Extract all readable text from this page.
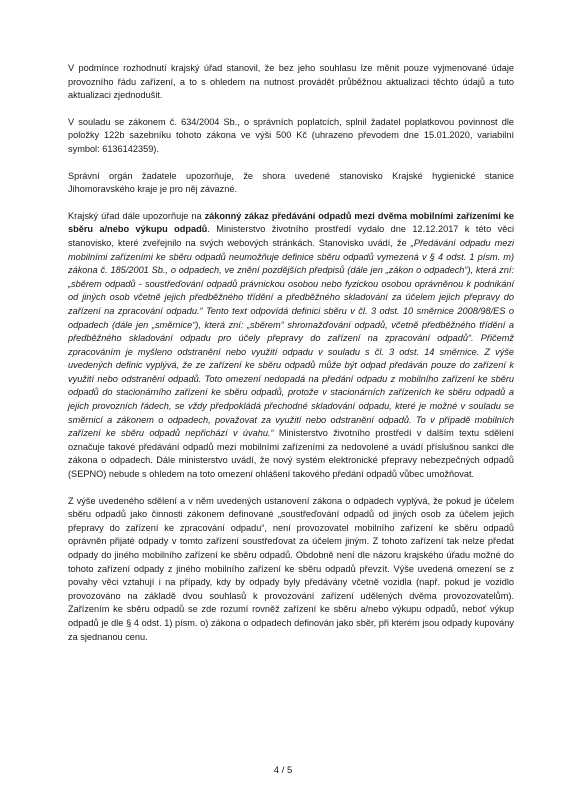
V podmínce rozhodnutí krajský úřad stanovil, že bez jeho souhlasu lze měnit pouze vyjmenované údaje provozního řádu zařízení, a to s ohledem na nutnost provádět průběžnou aktualizaci těchto údajů a tuto aktualizaci zjednodušit.

V souladu se zákonem č. 634/2004 Sb., o správních poplatcích, splnil žadatel poplatkovou povinnost dle položky 122b sazebníku tohoto zákona ve výši 500 Kč (uhrazeno převodem dne 15.01.2020, variabilní symbol: 6136142359).

Správní orgán žadatele upozorňuje, že shora uvedené stanovisko Krajské hygienické stanice Jihomoravského kraje je pro něj závazné.

Krajský úřad dále upozorňuje na zákonný zákaz předávání odpadů mezi dvěma mobilními zařízeními ke sběru a/nebo výkupu odpadů. Ministerstvo životního prostředí vydalo dne 12.12.2017 k této věci stanovisko, které zveřejnilo na svých webových stránkách. Stanovisko uvádí, že „Předávání odpadu mezi mobilními zařízeními ke sběru odpadů neumožňuje definice sběru odpadů vymezená v § 4 odst. 1 písm. m) zákona č. 185/2001 Sb., o odpadech, ve znění pozdějších předpisů (dále jen „zákon o odpadech“), která zní: „sběrem odpadů - soustřeďování odpadů právnickou osobou nebo fyzickou osobou oprávněnou k podnikání od jiných osob včetně jejich předběžného třídění a předběžného skladování za účelem jejich přepravy do zařízení na zpracování odpadu.“ Tento text odpovídá definici sběru v čl. 3 odst. 10 směrnice 2008/98/ES o odpadech (dále jen „směrnice“), která zní: „sběrem“ shromažďování odpadů, včetně předběžného třídění a předběžného skladování odpadu pro účely přepravy do zařízení na zpracování odpadů“. Přičemž zpracováním je myšleno odstranění nebo využití odpadu v souladu s čl. 3 odst. 14 směrnice. Z výše uvedených definic vyplývá, že ze zařízení ke sběru odpadů může být odpad předáván pouze do zařízení k využití nebo odstranění odpadů. Toto omezení nedopadá na předání odpadu z mobilního zařízení ke sběru odpadů do stacionárního zařízení ke sběru odpadů, protože v stacionárních zařízeních ke sběru odpadů a jejich provozních řádech, se vždy předpokládá přechodné skladování odpadu, které je možné v souladu se směrnicí a zákonem o odpadech, považovat za využití nebo odstranění odpadů. To v případě mobilních zařízení ke sběru odpadů nepřichází v úvahu.“ Ministerstvo životního prostředí v dalším textu sdělení označuje takové předávání odpadů mezi mobilními zařízeními za nedovolené a uvádí příslušnou sankci dle zákona o odpadech. Dále ministerstvo uvádí, že nový systém elektronické přepravy nebezpečných odpadů (SEPNO) nebude s ohledem na toto omezení ohlášení takového předání odpadů vůbec umožňovat.

Z výše uvedeného sdělení a v něm uvedených ustanovení zákona o odpadech vyplývá, že pokud je účelem sběru odpadů jako činnosti zákonem definované „soustřeďování odpadů od jiných osob za účelem jejich přepravy do zařízení ke zpracování odpadu“, není provozovatel mobilního zařízení ke sběru odpadů oprávněn přijaté odpady v tomto zařízení soustřeďovat za účelem jiným. Z tohoto zařízení tak nelze předat odpady do jiného mobilního zařízení ke sběru odpadů. Obdobně není dle názoru krajského úřadu možné do tohoto zařízení odpady z jiného mobilního zařízení ke sběru odpadů převzít. Výše uvedená omezení se z povahy věci vztahují i na případy, kdy by odpady byly předávány včetně vozidla (např. pokud je vozidlo provozováno na základě dvou souhlasů k provozování zařízení udělených dvěma provozovatelům). Zařízením ke sběru odpadů se zde rozumí rovněž zařízení ke sběru a/nebo výkupu odpadů, neboť výkup odpadů je dle § 4 odst. 1) písm. o) zákona o odpadech definován jako sběr, při kterém jsou odpady kupovány za sjednanou cenu.

4 / 5
